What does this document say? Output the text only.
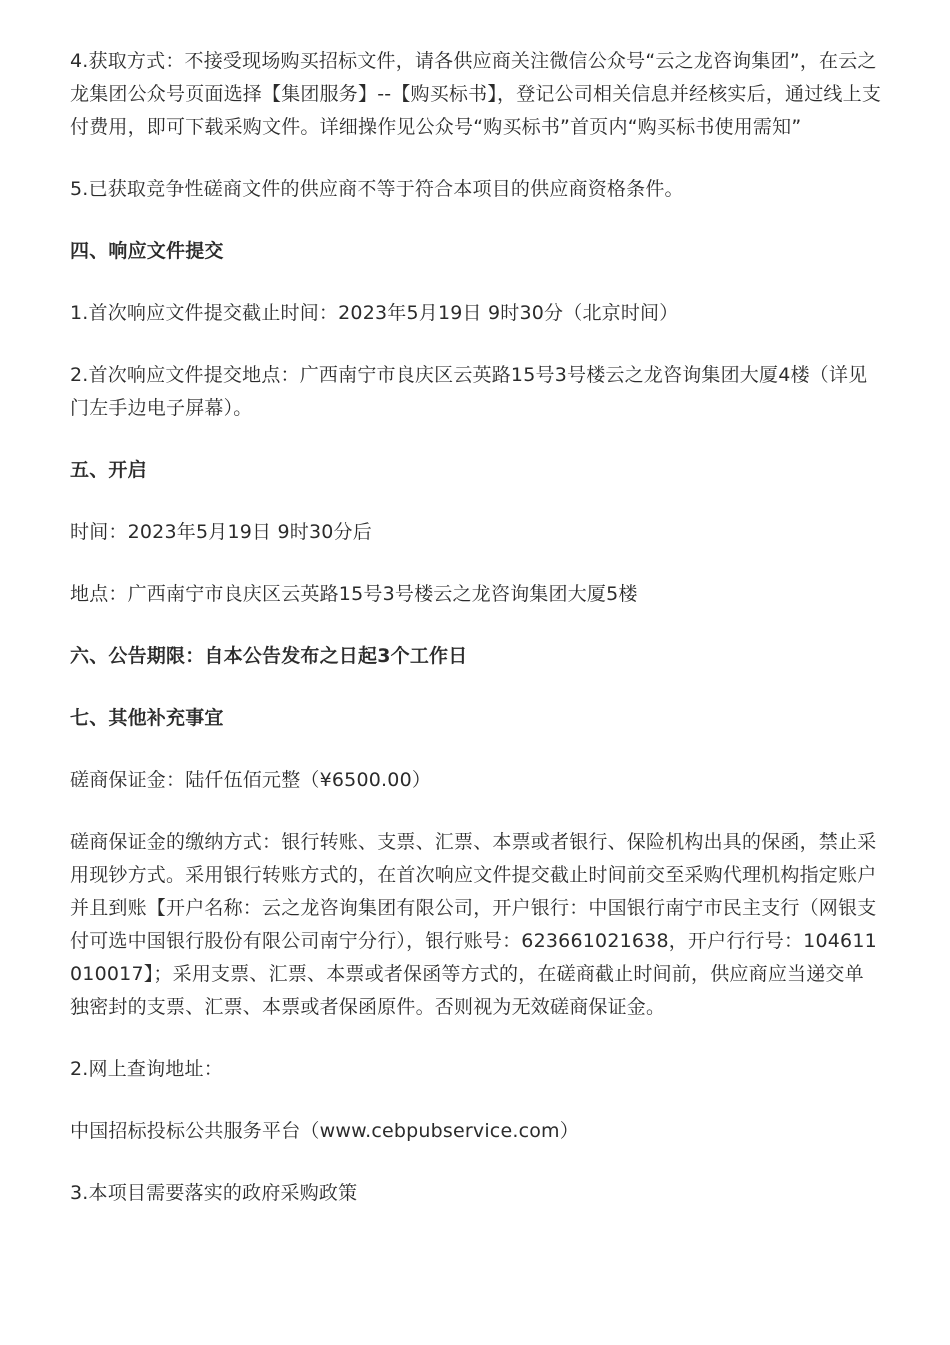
4.获取方式：不接受现场购买招标文件，请各供应商关注微信公众号“云之龙咨询集团”，在云之龙集团公众号页面选择【集团服务】--【购买标书】，登记公司相关信息并经核实后，通过线上支付费用，即可下载采购文件。详细操作见公众号“购买标书”首页内“购买标书使用需知”

5.已获取竞争性磋商文件的供应商不等于符合本项目的供应商资格条件。

四、响应文件提交

1.首次响应文件提交截止时间：2023年5月19日 9时30分（北京时间）

2.首次响应文件提交地点：广西南宁市良庆区云英路15号3号楼云之龙咨询集团大厦4楼（详见门左手边电子屏幕）。

五、开启

时间：2023年5月19日 9时30分后

地点：广西南宁市良庆区云英路15号3号楼云之龙咨询集团大厦5楼

六、公告期限：自本公告发布之日起3个工作日

七、其他补充事宜

磋商保证金：陆仟伍佰元整（¥6500.00）

磋商保证金的缴纳方式：银行转账、支票、汇票、本票或者银行、保险机构出具的保函，禁止采用现钞方式。采用银行转账方式的，在首次响应文件提交截止时间前交至采购代理机构指定账户并且到账【开户名称：云之龙咨询集团有限公司，开户银行：中国银行南宁市民主支行（网银支付可选中国银行股份有限公司南宁分行），银行账号：623661021638，开户行行号：104611010017】；采用支票、汇票、本票或者保函等方式的，在磋商截止时间前，供应商应当递交单独密封的支票、汇票、本票或者保函原件。否则视为无效磋商保证金。

2.网上查询地址：

中国招标投标公共服务平台（www.cebpubservice.com）

3.本项目需要落实的政府采购政策
